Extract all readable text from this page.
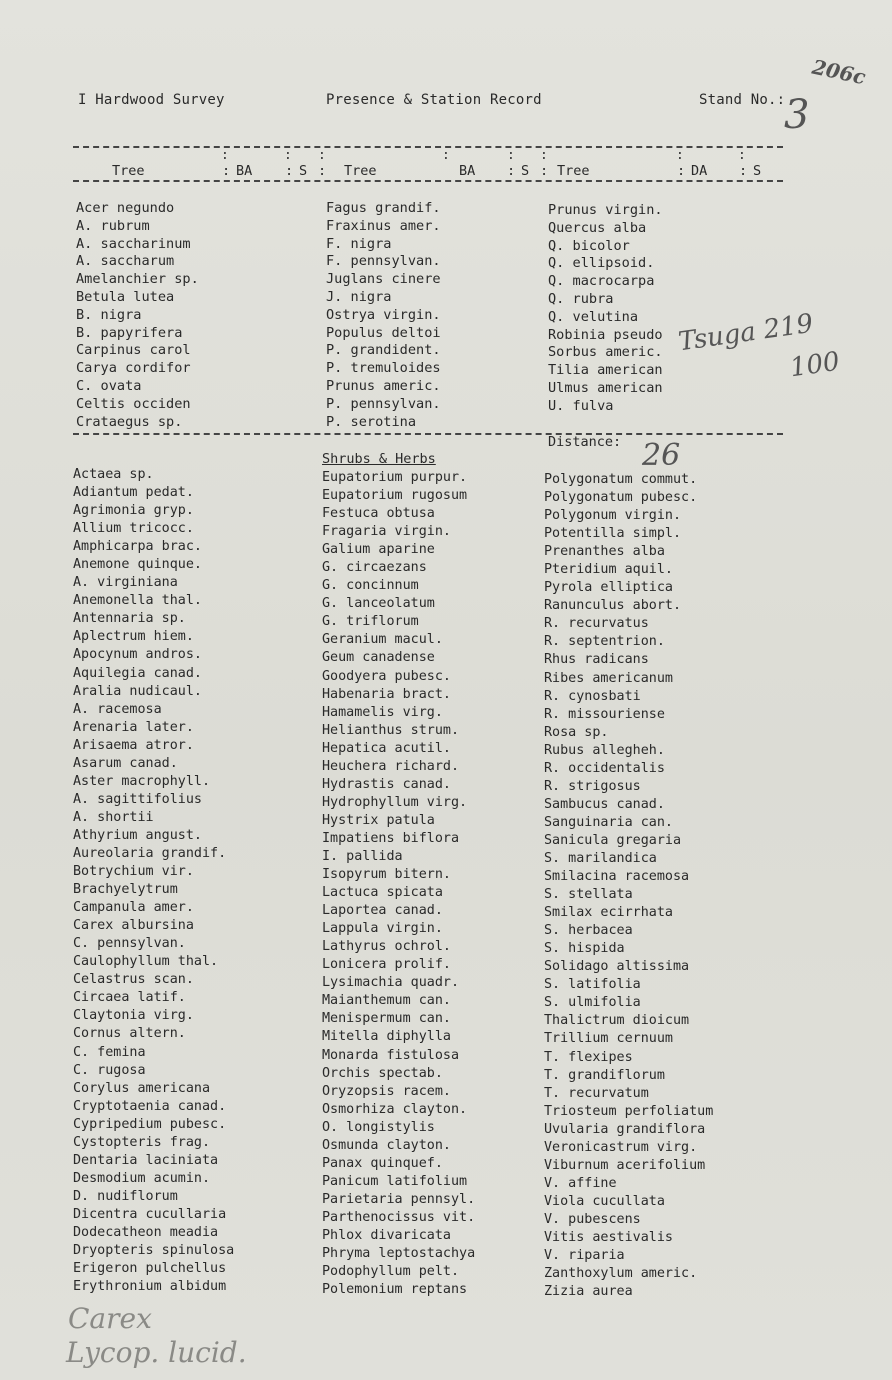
I Hardwood Survey	Presence & Station Record	Stand No.:
3
206c
:	: :	:	: :	:	:
Tree	: BA : S : Tree	BA : S : Tree	: DA : S
Acer negundo
A. rubrum
A. saccharinum
A. saccharum
Amelanchier sp.
Betula lutea
B. nigra
B. papyrifera
Carpinus carol
Carya cordifor
C. ovata
Celtis occiden
Crataegus sp.
Fagus grandif.
Fraxinus amer.
F. nigra
F. pennsylvan.
Juglans cinere
J. nigra
Ostrya virgin.
Populus deltoi
P. grandident.
P. tremuloides
Prunus americ.
P. pennsylvan.
P. serotina
Prunus virgin.
Quercus alba
Q. bicolor
Q. ellipsoid.
Q. macrocarpa
Q. rubra
Q. velutina
Robinia pseudo
Sorbus americ.
Tilia american
Ulmus american
U. fulva
Tsuga 219
100
Distance: 26
Shrubs & Herbs
Actaea sp.
Adiantum pedat.
Agrimonia gryp.
Allium tricocc.
Amphicarpa brac.
Anemone quinque.
A. virginiana
Anemonella thal.
Antennaria sp.
Aplectrum hiem.
Apocynum andros.
Aquilegia canad.
Aralia nudicaul.
A. racemosa
Arenaria later.
Arisaema atror.
Asarum canad.
Aster macrophyll.
A. sagittifolius
A. shortii
Athyrium angust.
Aureolaria grandif.
Botrychium vir.
Brachyelytrum
Campanula amer.
Carex albursina
C. pennsylvan.
Caulophyllum thal.
Celastrus scan.
Circaea latif.
Claytonia virg.
Cornus altern.
C. femina
C. rugosa
Corylus americana
Cryptotaenia canad.
Cypripedium pubesc.
Cystopteris frag.
Dentaria laciniata
Desmodium acumin.
D. nudiflorum
Dicentra cucullaria
Dodecatheon meadia
Dryopteris spinulosa
Erigeron pulchellus
Erythronium albidum
Eupatorium purpur.
Eupatorium rugosum
Festuca obtusa
Fragaria virgin.
Galium aparine
G. circaezans
G. concinnum
G. lanceolatum
G. triflorum
Geranium macul.
Geum canadense
Goodyera pubesc.
Habenaria bract.
Hamamelis virg.
Helianthus strum.
Hepatica acutil.
Heuchera richard.
Hydrastis canad.
Hydrophyllum virg.
Hystrix patula
Impatiens biflora
I. pallida
Isopyrum bitern.
Lactuca spicata
Laportea canad.
Lappula virgin.
Lathyrus ochrol.
Lonicera prolif.
Lysimachia quadr.
Maianthemum can.
Menispermum can.
Mitella diphylla
Monarda fistulosa
Orchis spectab.
Oryzopsis racem.
Osmorhiza clayton.
O. longistylis
Osmunda clayton.
Panax quinquef.
Panicum latifolium
Parietaria pennsyl.
Parthenocissus vit.
Phlox divaricata
Phryma leptostachya
Podophyllum pelt.
Polemonium reptans
Polygonatum commut.
Polygonatum pubesc.
Polygonum virgin.
Potentilla simpl.
Prenanthes alba
Pteridium aquil.
Pyrola elliptica
Ranunculus abort.
R. recurvatus
R. septentrion.
Rhus radicans
Ribes americanum
R. cynosbati
R. missouriense
Rosa sp.
Rubus allegheh.
R. occidentalis
R. strigosus
Sambucus canad.
Sanguinaria can.
Sanicula gregaria
S. marilandica
Smilacina racemosa
S. stellata
Smilax ecirrhata
S. herbacea
S. hispida
Solidago altissima
S. latifolia
S. ulmifolia
Thalictrum dioicum
Trillium cernuum
T. flexipes
T. grandiflorum
T. recurvatum
Triosteum perfoliatum
Uvularia grandiflora
Veronicastrum virg.
Viburnum acerifolium
V. affine
Viola cucullata
V. pubescens
Vitis aestivalis
V. riparia
Zanthoxylum americ.
Zizia aurea
Carex
Lycop. lucid.
